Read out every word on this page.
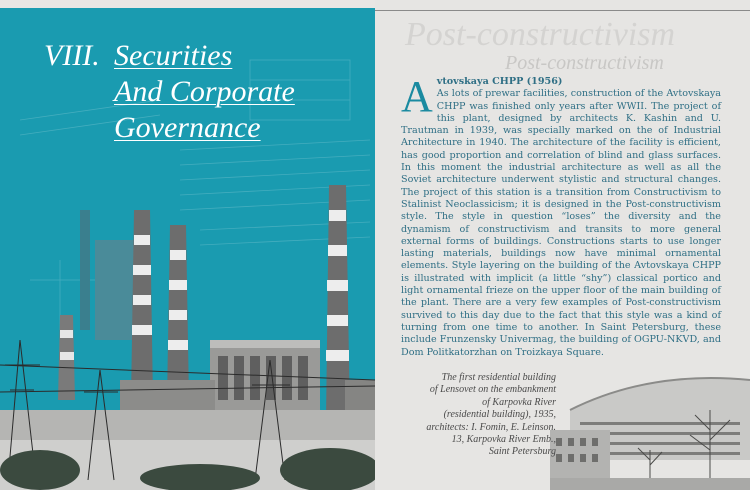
VIII. Securities
And Corporate
Governance
Post-constructivism
Post-constructivism
A vtovskaya CHPP (1956)
As lots of prewar facilities, construction of the Avtovskaya CHPP was finished only years after WWII. The project of this plant, designed by architects K. Kashin and U. Trautman in 1939, was specially marked on the of Industrial Architecture in 1940. The architecture of the facility is efficient, has good proportion and correlation of blind and glass surfaces. In this moment the industrial architecture as well as all the Soviet architecture underwent stylistic and structural changes. The project of this station is a transition from Constructivism to Stalinist Neoclassicism; it is designed in the Post-constructivism style. The style in question “loses” the diversity and the dynamism of constructivism and transits to more general external forms of buildings. Constructions starts to use longer lasting materials, buildings now have minimal ornamental elements. Style layering on the building of the Avtovskaya CHPP is illustrated with implicit (a little “shy”) classical portico and light ornamental frieze on the upper floor of the main building of the plant. There are a very few examples of Post-constructivism survived to this day due to the fact that this style was a kind of turning from one time to another. In Saint Petersburg, these include Frunzensky Univermag, the building of OGPU-NKVD, and Dom Politkatorzhan on Troizkaya Square.
The first residential building
of Lensovet on the embankment
of Karpovka River
(residential building), 1935,
architects: I. Fomin, E. Leinson.
13, Karpovka River Emb.,
Saint Petersburg
